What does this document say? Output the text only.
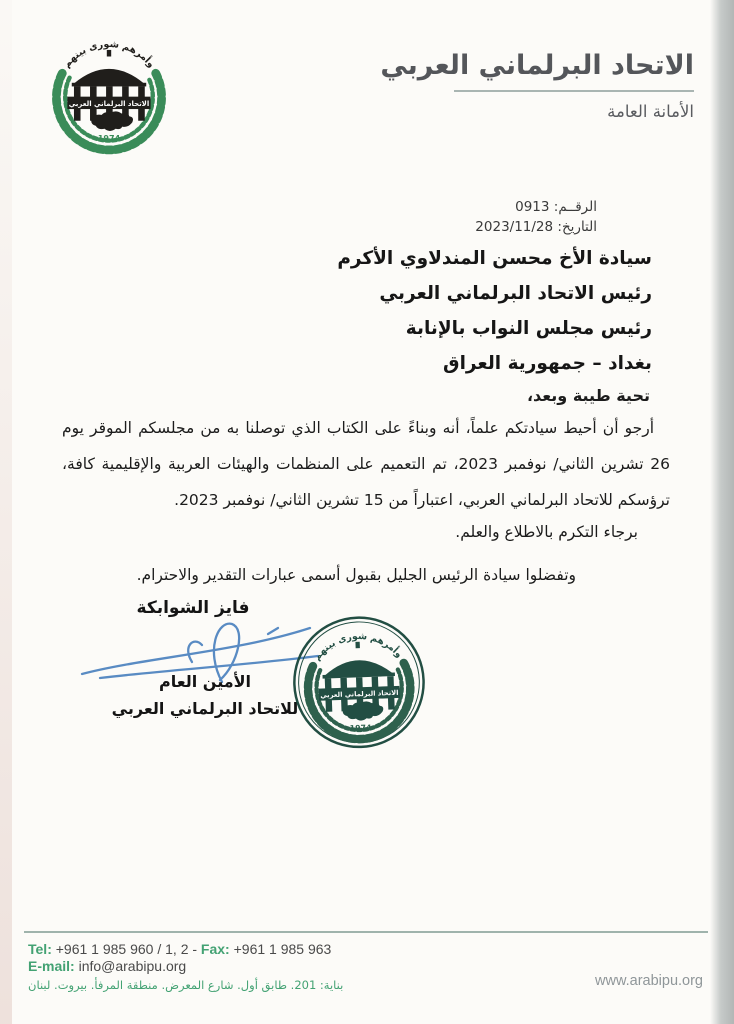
الاتحاد البرلماني العربي
الأمانة العامة
الرقــم: 0913
التاريخ: 2023/11/28
سيادة الأخ محسن المندلاوي الأكرم
رئيس الاتحاد البرلماني العربي
رئيس مجلس النواب بالإنابة
بغداد – جمهورية العراق
تحية طيبة وبعد،
أرجو أن أحيط سيادتكم علماً، أنه وبناءً على الكتاب الذي توصلنا به من مجلسكم الموقر يوم 26 تشرين الثاني/ نوفمبر 2023، تم التعميم على المنظمات والهيئات العربية والإقليمية كافة، ترؤسكم للاتحاد البرلماني العربي، اعتباراً من 15 تشرين الثاني/ نوفمبر 2023.
برجاء التكرم بالاطلاع والعلم.
وتفضلوا سيادة الرئيس الجليل بقبول أسمى عبارات التقدير والاحترام.
فايز الشوابكة
الأمين العام
للاتحاد البرلماني العربي
Tel: +961 1 985 960 / 1, 2 - Fax: +961 1 985 963
E-mail: info@arabipu.org
بناية: 201. طابق أول. شارع المعرض. منطقة المرفأ. بيروت. لبنان	www.arabipu.org
